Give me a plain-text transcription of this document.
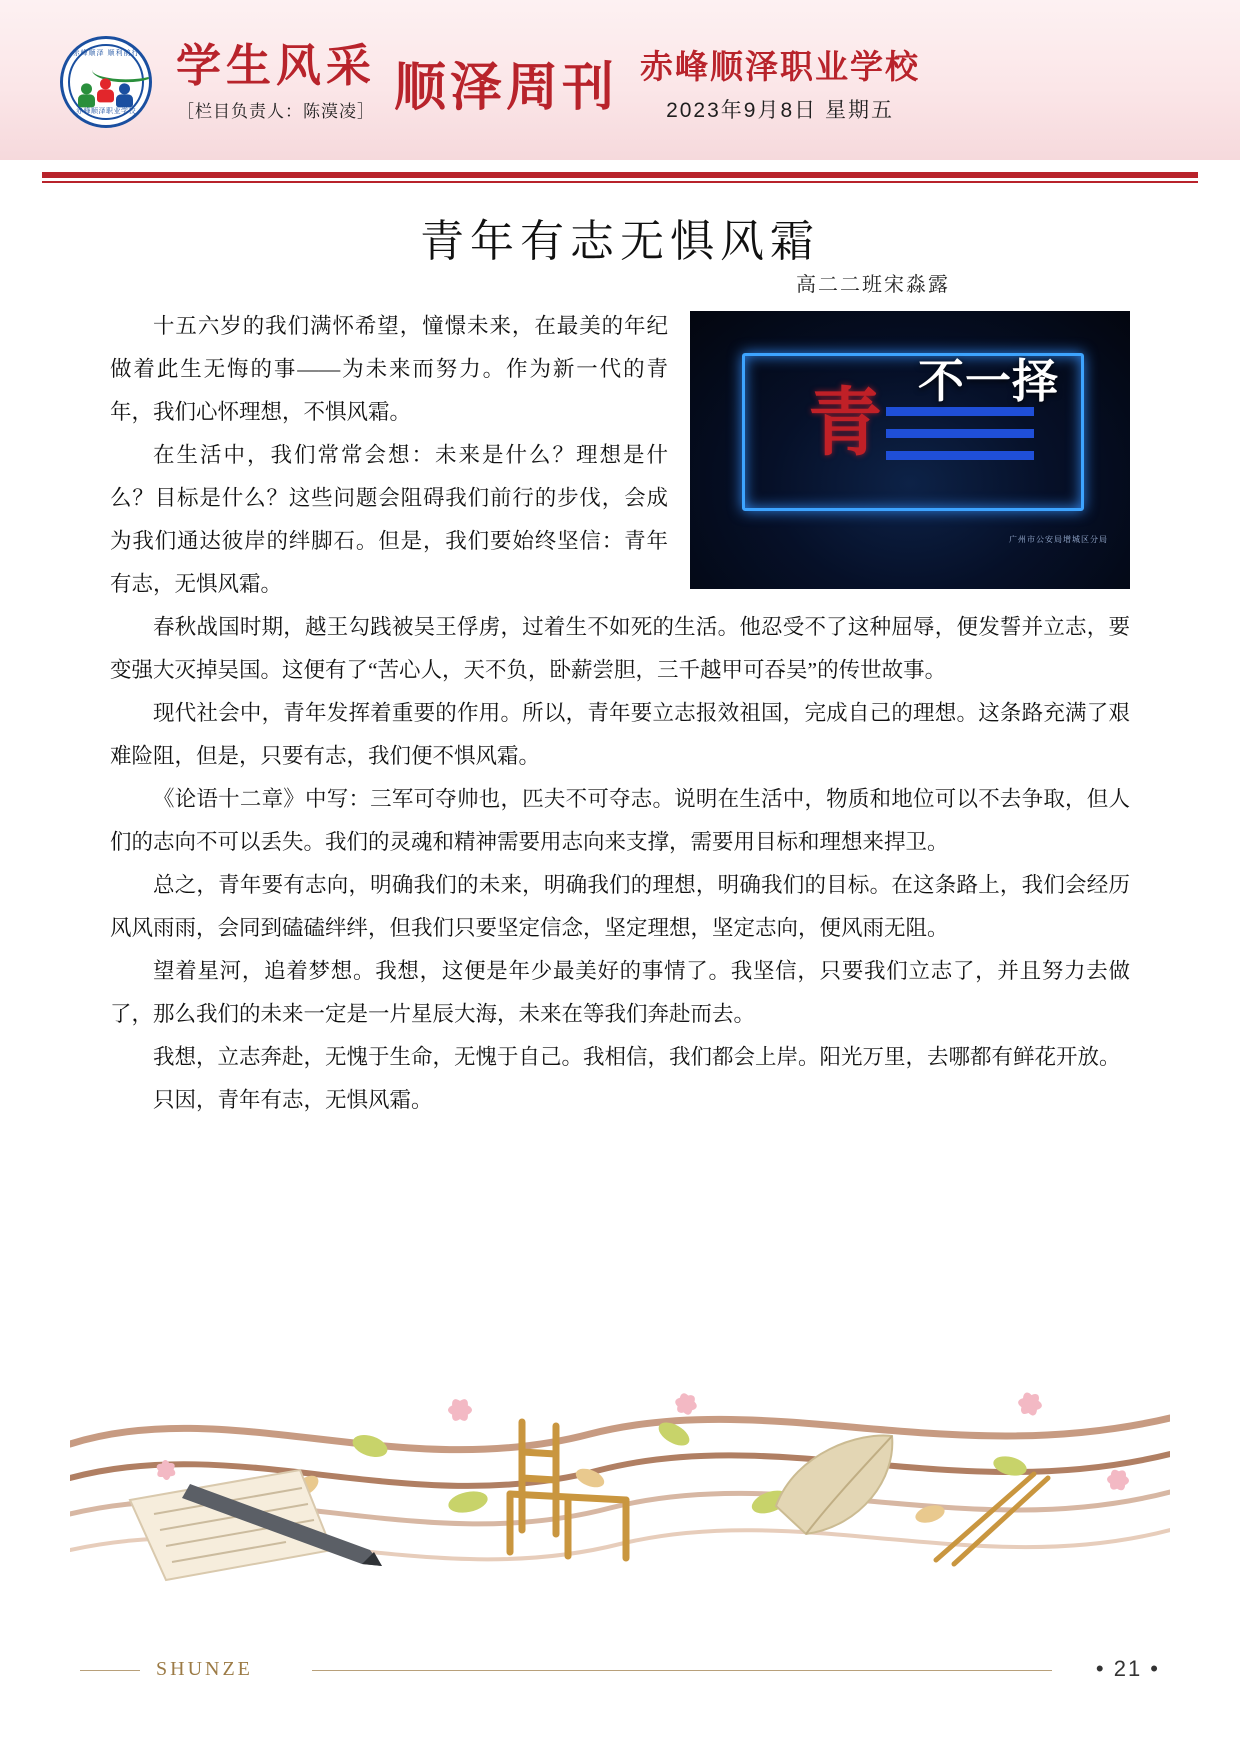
赤峰顺泽 顺利前行
赤峰顺泽职业学校
学生风采
［栏目负责人：陈漠凌］ 顺泽周刊 赤峰顺泽职业学校
2023年9月8日 星期五
青年有志无惧风霜
高二二班宋淼露
青
不一择
广州市公安局增城区分局

十五六岁的我们满怀希望，憧憬未来，在最美的年纪做着此生无悔的事——为未来而努力。作为新一代的青年，我们心怀理想，不惧风霜。

在生活中，我们常常会想：未来是什么？理想是什么？目标是什么？这些问题会阻碍我们前行的步伐，会成为我们通达彼岸的绊脚石。但是，我们要始终坚信：青年有志，无惧风霜。

春秋战国时期，越王勾践被吴王俘虏，过着生不如死的生活。他忍受不了这种屈辱，便发誓并立志，要变强大灭掉吴国。这便有了“苦心人，天不负，卧薪尝胆，三千越甲可吞吴”的传世故事。

现代社会中，青年发挥着重要的作用。所以，青年要立志报效祖国，完成自己的理想。这条路充满了艰难险阻，但是，只要有志，我们便不惧风霜。

《论语十二章》中写：三军可夺帅也，匹夫不可夺志。说明在生活中，物质和地位可以不去争取，但人们的志向不可以丢失。我们的灵魂和精神需要用志向来支撑，需要用目标和理想来捍卫。

总之，青年要有志向，明确我们的未来，明确我们的理想，明确我们的目标。在这条路上，我们会经历风风雨雨，会同到磕磕绊绊，但我们只要坚定信念，坚定理想，坚定志向，便风雨无阻。

望着星河，追着梦想。我想，这便是年少最美好的事情了。我坚信，只要我们立志了，并且努力去做了，那么我们的未来一定是一片星辰大海，未来在等我们奔赴而去。

我想，立志奔赴，无愧于生命，无愧于自己。我相信，我们都会上岸。阳光万里，去哪都有鲜花开放。

只因，青年有志，无惧风霜。

SHUNZE	• 21 •
